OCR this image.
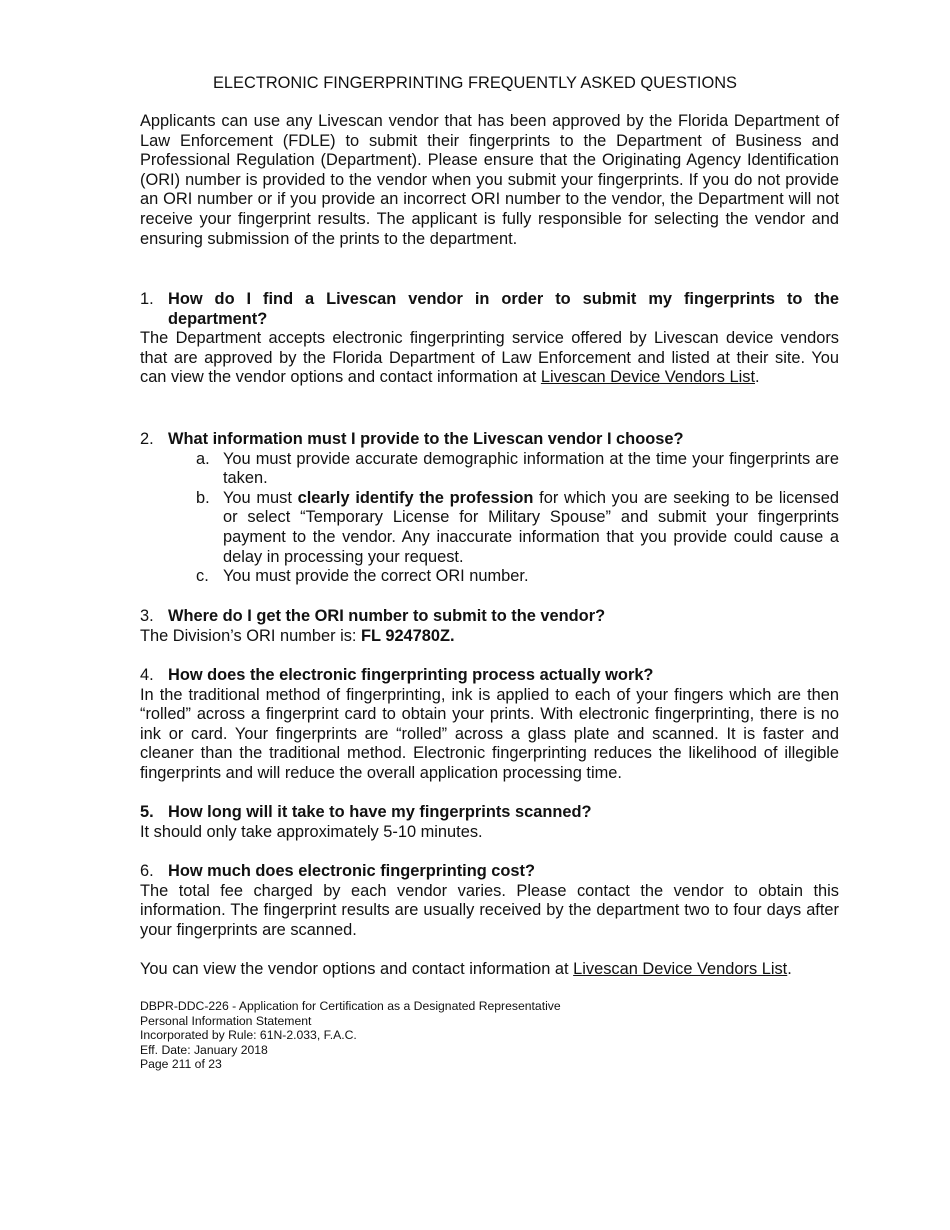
ELECTRONIC FINGERPRINTING FREQUENTLY ASKED QUESTIONS
Applicants can use any Livescan vendor that has been approved by the Florida Department of Law Enforcement (FDLE) to submit their fingerprints to the Department of Business and Professional Regulation (Department). Please ensure that the Originating Agency Identification (ORI) number is provided to the vendor when you submit your fingerprints. If you do not provide an ORI number or if you provide an incorrect ORI number to the vendor, the Department will not receive your fingerprint results. The applicant is fully responsible for selecting the vendor and ensuring submission of the prints to the department.
1. How do I find a Livescan vendor in order to submit my fingerprints to the department?
The Department accepts electronic fingerprinting service offered by Livescan device vendors that are approved by the Florida Department of Law Enforcement and listed at their site. You can view the vendor options and contact information at Livescan Device Vendors List.
2. What information must I provide to the Livescan vendor I choose?
a. You must provide accurate demographic information at the time your fingerprints are taken.
b. You must clearly identify the profession for which you are seeking to be licensed or select “Temporary License for Military Spouse” and submit your fingerprints payment to the vendor. Any inaccurate information that you provide could cause a delay in processing your request.
c. You must provide the correct ORI number.
3. Where do I get the ORI number to submit to the vendor?
The Division’s ORI number is: FL 924780Z.
4. How does the electronic fingerprinting process actually work?
In the traditional method of fingerprinting, ink is applied to each of your fingers which are then “rolled” across a fingerprint card to obtain your prints. With electronic fingerprinting, there is no ink or card. Your fingerprints are “rolled” across a glass plate and scanned. It is faster and cleaner than the traditional method. Electronic fingerprinting reduces the likelihood of illegible fingerprints and will reduce the overall application processing time.
5. How long will it take to have my fingerprints scanned?
It should only take approximately 5-10 minutes.
6. How much does electronic fingerprinting cost?
The total fee charged by each vendor varies. Please contact the vendor to obtain this information. The fingerprint results are usually received by the department two to four days after your fingerprints are scanned.
You can view the vendor options and contact information at Livescan Device Vendors List.
DBPR-DDC-226 - Application for Certification as a Designated Representative
Personal Information Statement
Incorporated by Rule: 61N-2.033, F.A.C.
Eff. Date: January 2018
Page 211 of 23
